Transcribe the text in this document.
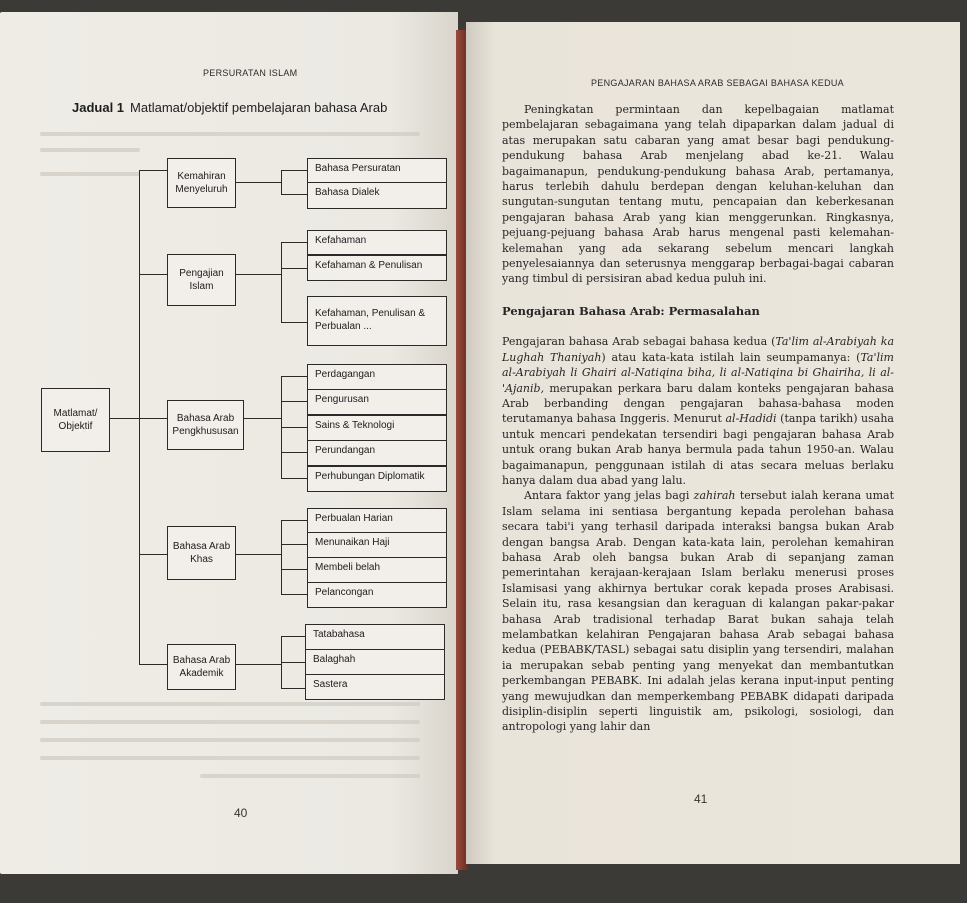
PERSURATAN ISLAM
Jadual 1 Matlamat/objektif pembelajaran bahasa Arab
Matlamat/
Objektif
Kemahiran
Menyeluruh
Bahasa Persuratan
Bahasa Dialek
Pengajian
Islam
Kefahaman
Kefahaman & Penulisan
Kefahaman, Penulisan &
Perbualan ...
Bahasa Arab
Pengkhususan
Perdagangan
Pengurusan
Sains & Teknologi
Perundangan
Perhubungan Diplomatik
Bahasa Arab
Khas
Perbualan Harian
Menunaikan Haji
Membeli belah
Pelancongan
Bahasa Arab
Akademik
Tatabahasa
Balaghah
Sastera
40
PENGAJARAN BAHASA ARAB SEBAGAI BAHASA KEDUA

Peningkatan permintaan dan kepelbagaian matlamat pembelajaran sebagaimana yang telah dipaparkan dalam jadual di atas merupakan satu cabaran yang amat besar bagi pendukung-pendukung bahasa Arab menjelang abad ke-21. Walau bagaimanapun, pendukung-pendukung bahasa Arab, pertamanya, harus terlebih dahulu berdepan dengan keluhan-keluhan dan sungutan-sungutan tentang mutu, pencapaian dan keberkesanan pengajaran bahasa Arab yang kian menggerunkan. Ringkasnya, pejuang-pejuang bahasa Arab harus mengenal pasti kelemahan-kelemahan yang ada sekarang sebelum mencari langkah penyelesaiannya dan seterusnya menggarap berbagai-bagai cabaran yang timbul di persisiran abad kedua puluh ini.

Pengajaran Bahasa Arab: Permasalahan

Pengajaran bahasa Arab sebagai bahasa kedua (Ta'lim al-Arabiyah ka Lughah Thaniyah) atau kata-kata istilah lain seumpamanya: (Ta'lim al-Arabiyah li Ghairi al-Natiqina biha, li al-Natiqina bi Ghairiha, li al-'Ajanib, merupakan perkara baru dalam konteks pengajaran bahasa Arab berbanding dengan pengajaran bahasa-bahasa moden terutamanya bahasa Inggeris. Menurut al-Hadidi (tanpa tarikh) usaha untuk mencari pendekatan tersendiri bagi pengajaran bahasa Arab untuk orang bukan Arab hanya bermula pada tahun 1950-an. Walau bagaimanapun, penggunaan istilah di atas secara meluas berlaku hanya dalam dua abad yang lalu.

Antara faktor yang jelas bagi zahirah tersebut ialah kerana umat Islam selama ini sentiasa bergantung kepada perolehan bahasa secara tabi'i yang terhasil daripada interaksi bangsa bukan Arab dengan bangsa Arab. Dengan kata-kata lain, perolehan kemahiran bahasa Arab oleh bangsa bukan Arab di sepanjang zaman pemerintahan kerajaan-kerajaan Islam berlaku menerusi proses Islamisasi yang akhirnya bertukar corak kepada proses Arabisasi. Selain itu, rasa kesangsian dan keraguan di kalangan pakar-pakar bahasa Arab tradisional terhadap Barat bukan sahaja telah melambatkan kelahiran Pengajaran bahasa Arab sebagai bahasa kedua (PEBABK/TASL) sebagai satu disiplin yang tersendiri, malahan ia merupakan sebab penting yang menyekat dan membantutkan perkembangan PEBABK. Ini adalah jelas kerana input-input penting yang mewujudkan dan memperkembang PEBABK didapati daripada disiplin-disiplin seperti linguistik am, psikologi, sosiologi, dan antropologi yang lahir dan

41
